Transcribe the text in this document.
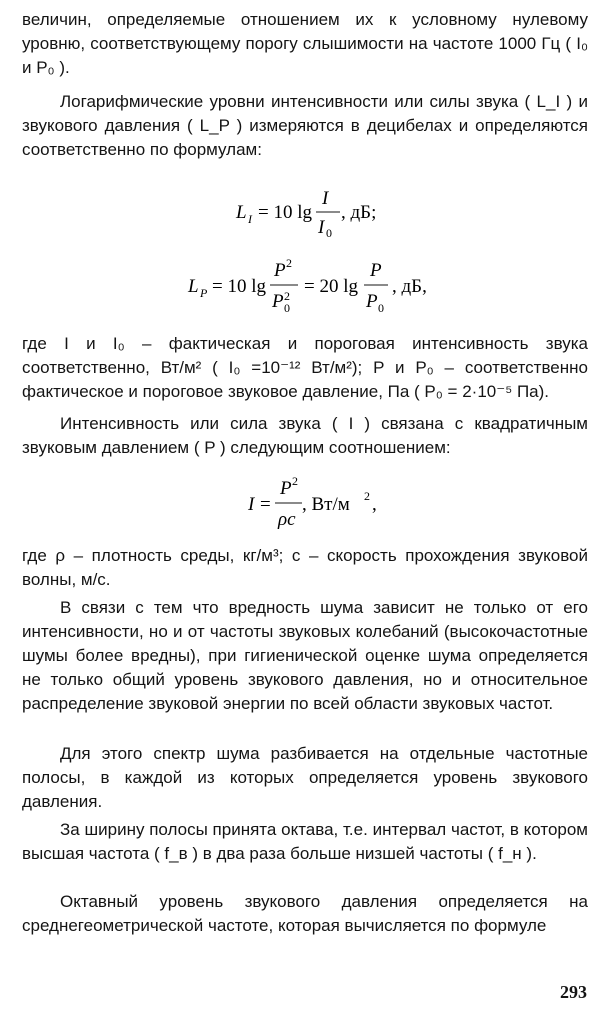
величин, определяемые отношением их к условному нулевому уровню, соответствующему порогу слышимости на частоте 1000 Гц ( I₀ и P₀ ).

Логарифмические уровни интенсивности или силы звука ( L_I ) и звукового давления ( L_P ) измеряются в децибелах и определяются соответственно по формулам:

L I = 10 lg
I
I 0
, дБ;
L P = 10 lg
P 2
P 0
2 = 20 lg
P
P 0
, дБ,

где I и I₀ – фактическая и пороговая интенсивность звука соответственно, Вт/м² ( I₀ =10⁻¹² Вт/м²); P и P₀ – соответственно фактическое и пороговое звуковое давление, Па ( P₀ = 2·10⁻⁵ Па).

Интенсивность или сила звука ( I ) связана с квадратичным звуковым давлением ( P ) следующим соотношением:

I =
P 2
ρc
, Вт/м 2 ,

где ρ – плотность среды, кг/м³; c – скорость прохождения звуковой волны, м/с.

В связи с тем что вредность шума зависит не только от его интенсивности, но и от частоты звуковых колебаний (высокочастотные шумы более вредны), при гигиенической оценке шума определяется не только общий уровень звукового давления, но и относительное распределение звуковой энергии по всей области звуковых частот.

Для этого спектр шума разбивается на отдельные частотные полосы, в каждой из которых определяется уровень звукового давления.

За ширину полосы принята октава, т.е. интервал частот, в котором высшая частота ( f_в ) в два раза больше низшей частоты ( f_н ).

Октавный уровень звукового давления определяется на среднегеометрической частоте, которая вычисляется по формуле

293
